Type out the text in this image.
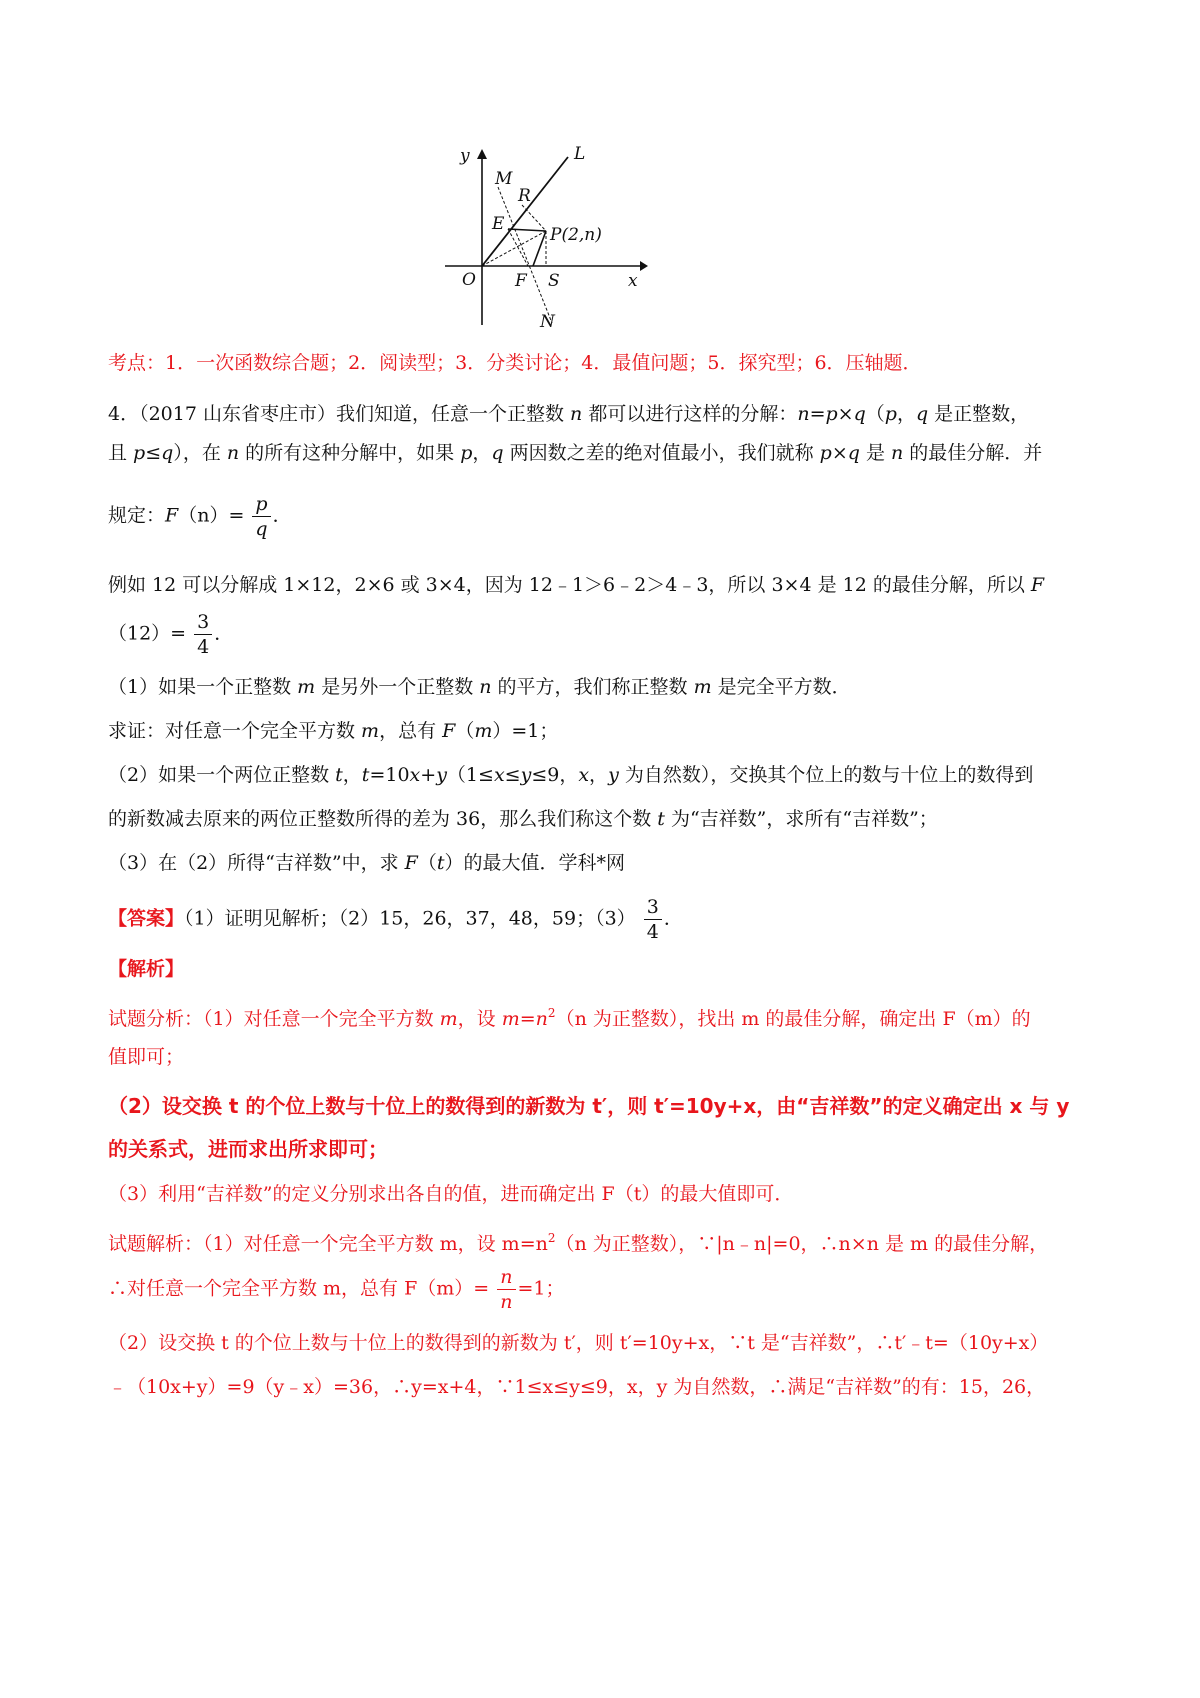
y
x
O
L
M
R
E
P(2,n)
F S
N
考点：1．一次函数综合题；2．阅读型；3．分类讨论；4．最值问题；5．探究型；6．压轴题．
4．（2017 山东省枣庄市）我们知道，任意一个正整数 n 都可以进行这样的分解：n=p×q（p，q 是正整数，
且 p≤q），在 n 的所有这种分解中，如果 p，q 两因数之差的绝对值最小，我们就称 p×q 是 n 的最佳分解．并
规定：$F(n)= \frac{p}{q}$ ．
例如 12 可以分解成 1×12，2×6 或 3×4，因为 12﹣1＞6﹣2＞4﹣3，所以 3×4 是 12 的最佳分解，所以 F
$(12)= \frac{3}{4}$ ．
（1）如果一个正整数 m 是另外一个正整数 n 的平方，我们称正整数 m 是完全平方数．
求证：对任意一个完全平方数 m，总有 F（m）=1；
（2）如果一个两位正整数 t，t=10x+y（1≤x≤y≤9，x，y 为自然数），交换其个位上的数与十位上的数得到
的新数减去原来的两位正整数所得的差为 36，那么我们称这个数 t 为“吉祥数”，求所有“吉祥数”；
（3）在（2）所得“吉祥数”中，求 F（t）的最大值．学科*网
【答案】（1）证明见解析；（2）15，26，37，48，59；$(3) \frac{3}{4}$ ．
【解析】
试题分析：（1）对任意一个完全平方数 m，设 $m=n^2(n$ 为正整数），找出 m 的最佳分解，确定出 F（m）的
值即可；
（2）设交换 t 的个位上数与十位上的数得到的新数为 t′，则 t′=10y+x，由“吉祥数”的定义确定出 x 与 y
的关系式，进而求出所求即可；
（3）利用“吉祥数”的定义分别求出各自的值，进而确定出 F（t）的最大值即可．
试题解析：（1）对任意一个完全平方数 m，设 $m=n^2(n$ 为正整数），∵|n﹣n|=0，∴n×n 是 m 的最佳分解，
∴对任意一个完全平方数 m，总有 $F(m)= \frac{n}{n} =1$；
（2）设交换 t 的个位上数与十位上的数得到的新数为 t′，则 t′=10y+x，∵t 是“吉祥数”，∴t′﹣t=（10y+x）
﹣（10x+y）=9（y﹣x）=36，∴y=x+4，∵1≤x≤y≤9，x，y 为自然数，∴满足“吉祥数”的有：15，26，
